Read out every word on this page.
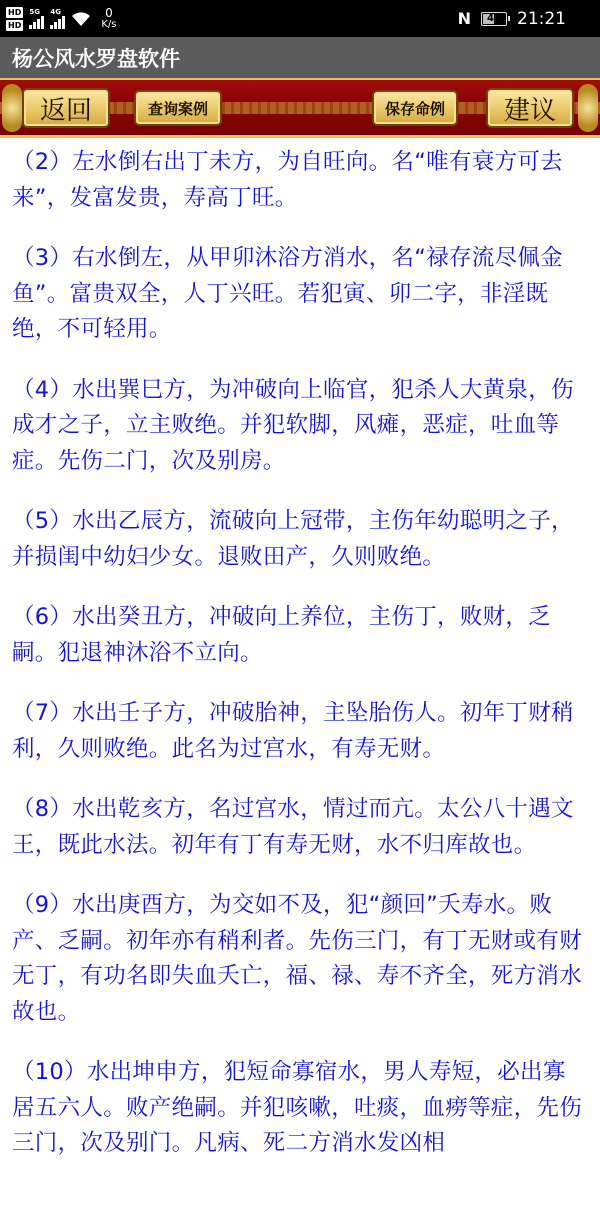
HD
HD
5G 4G	0
K/s	N 47 21:21
杨公风水罗盘软件
返回	查询案例	保存命例	建议

（2）左水倒右出丁未方，为自旺向。名“唯有衰方可去来”，发富发贵，寿高丁旺。

（3）右水倒左，从甲卯沐浴方消水，名“禄存流尽佩金鱼”。富贵双全，人丁兴旺。若犯寅、卯二字，非淫既绝，不可轻用。

（4）水出巽巳方，为冲破向上临官，犯杀人大黄泉，伤成才之子，立主败绝。并犯软脚，风瘫，恶症，吐血等症。先伤二门，次及别房。

（5）水出乙辰方，流破向上冠带，主伤年幼聪明之子，并损闺中幼妇少女。退败田产，久则败绝。

（6）水出癸丑方，冲破向上养位，主伤丁，败财，乏嗣。犯退神沐浴不立向。

（7）水出壬子方，冲破胎神，主坠胎伤人。初年丁财稍利，久则败绝。此名为过宫水，有寿无财。

（8）水出乾亥方，名过宫水，情过而亢。太公八十遇文王，既此水法。初年有丁有寿无财，水不归库故也。

（9）水出庚酉方，为交如不及，犯“颜回”夭寿水。败产、乏嗣。初年亦有稍利者。先伤三门，有丁无财或有财无丁，有功名即失血夭亡，福、禄、寿不齐全，死方消水故也。

（10）水出坤申方，犯短命寡宿水，男人寿短，必出寡居五六人。败产绝嗣。并犯咳嗽，吐痰，血痨等症，先伤三门，次及别门。凡病、死二方消水发凶相
